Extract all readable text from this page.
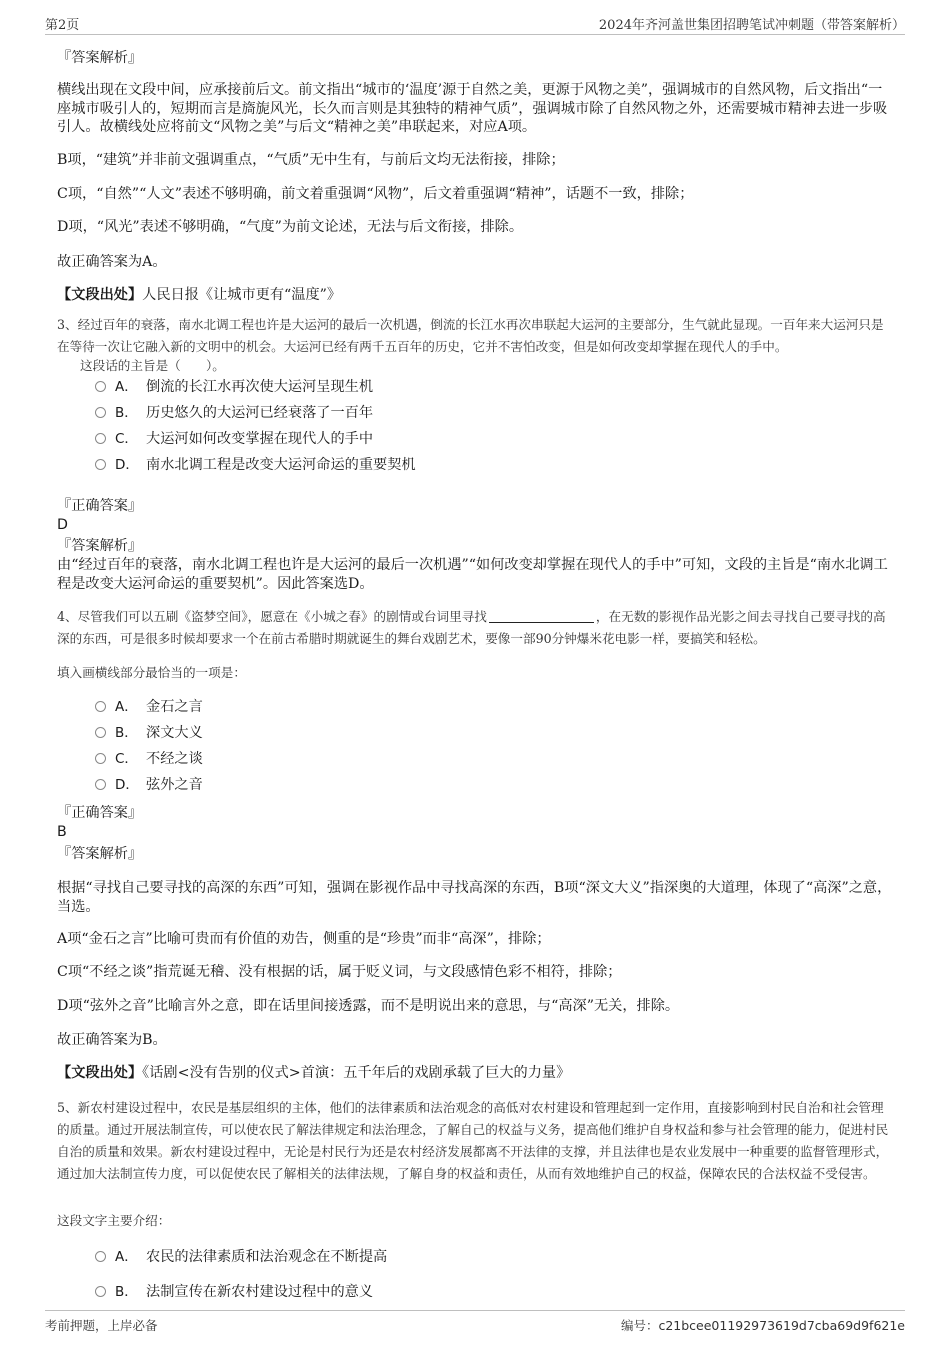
第2页	2024年齐河盖世集团招聘笔试冲刺题（带答案解析）
『答案解析』

横线出现在文段中间，应承接前后文。前文指出“城市的‘温度’源于自然之美，更源于风物之美”，强调城市的自然风物，后文指出“一座城市吸引人的，短期而言是旖旎风光，长久而言则是其独特的精神气质”，强调城市除了自然风物之外，还需要城市精神去进一步吸引人。故横线处应将前文“风物之美”与后文“精神之美”串联起来，对应A项。

B项，“建筑”并非前文强调重点，“气质”无中生有，与前后文均无法衔接，排除；

C项，“自然”“人文”表述不够明确，前文着重强调“风物”，后文着重强调“精神”，话题不一致，排除；

D项，“风光”表述不够明确，“气度”为前文论述，无法与后文衔接，排除。

故正确答案为A。

【文段出处】人民日报《让城市更有“温度”》

3、经过百年的衰落，南水北调工程也许是大运河的最后一次机遇，倒流的长江水再次串联起大运河的主要部分，生气就此显现。一百年来大运河只是在等待一次让它融入新的文明中的机会。大运河已经有两千五百年的历史，它并不害怕改变，但是如何改变却掌握在现代人的手中。

这段话的主旨是（　　）。

A． 倒流的长江水再次使大运河呈现生机
B． 历史悠久的大运河已经衰落了一百年
C． 大运河如何改变掌握在现代人的手中
D． 南水北调工程是改变大运河命运的重要契机
『正确答案』
D
『答案解析』

由“经过百年的衰落，南水北调工程也许是大运河的最后一次机遇”“如何改变却掌握在现代人的手中”可知，文段的主旨是“南水北调工程是改变大运河命运的重要契机”。因此答案选D。

4、尽管我们可以五刷《盗梦空间》，愿意在《小城之春》的剧情或台词里寻找	，在无数的影视作品光影之间去寻找自己要寻找的高深的东西，可是很多时候却要求一个在前古希腊时期就诞生的舞台戏剧艺术，要像一部90分钟爆米花电影一样，要搞笑和轻松。

填入画横线部分最恰当的一项是：

A． 金石之言
B． 深文大义
C． 不经之谈
D． 弦外之音
『正确答案』
B
『答案解析』

根据“寻找自己要寻找的高深的东西”可知，强调在影视作品中寻找高深的东西，B项“深文大义”指深奥的大道理，体现了“高深”之意，当选。

A项“金石之言”比喻可贵而有价值的劝告，侧重的是“珍贵”而非“高深”，排除；

C项“不经之谈”指荒诞无稽、没有根据的话，属于贬义词，与文段感情色彩不相符，排除；

D项“弦外之音”比喻言外之意，即在话里间接透露，而不是明说出来的意思，与“高深”无关，排除。

故正确答案为B。

【文段出处】《话剧<没有告别的仪式>首演：五千年后的戏剧承载了巨大的力量》

5、新农村建设过程中，农民是基层组织的主体，他们的法律素质和法治观念的高低对农村建设和管理起到一定作用，直接影响到村民自治和社会管理的质量。通过开展法制宣传，可以使农民了解法律规定和法治理念，了解自己的权益与义务，提高他们维护自身权益和参与社会管理的能力，促进村民自治的质量和效果。新农村建设过程中，无论是村民行为还是农村经济发展都离不开法律的支撑，并且法律也是农业发展中一种重要的监督管理形式，通过加大法制宣传力度，可以促使农民了解相关的法律法规，了解自身的权益和责任，从而有效地维护自己的权益，保障农民的合法权益不受侵害。

这段文字主要介绍：

A． 农民的法律素质和法治观念在不断提高
B． 法制宣传在新农村建设过程中的意义
考前押题，上岸必备	编号：c21bcee01192973619d7cba69d9f621e
